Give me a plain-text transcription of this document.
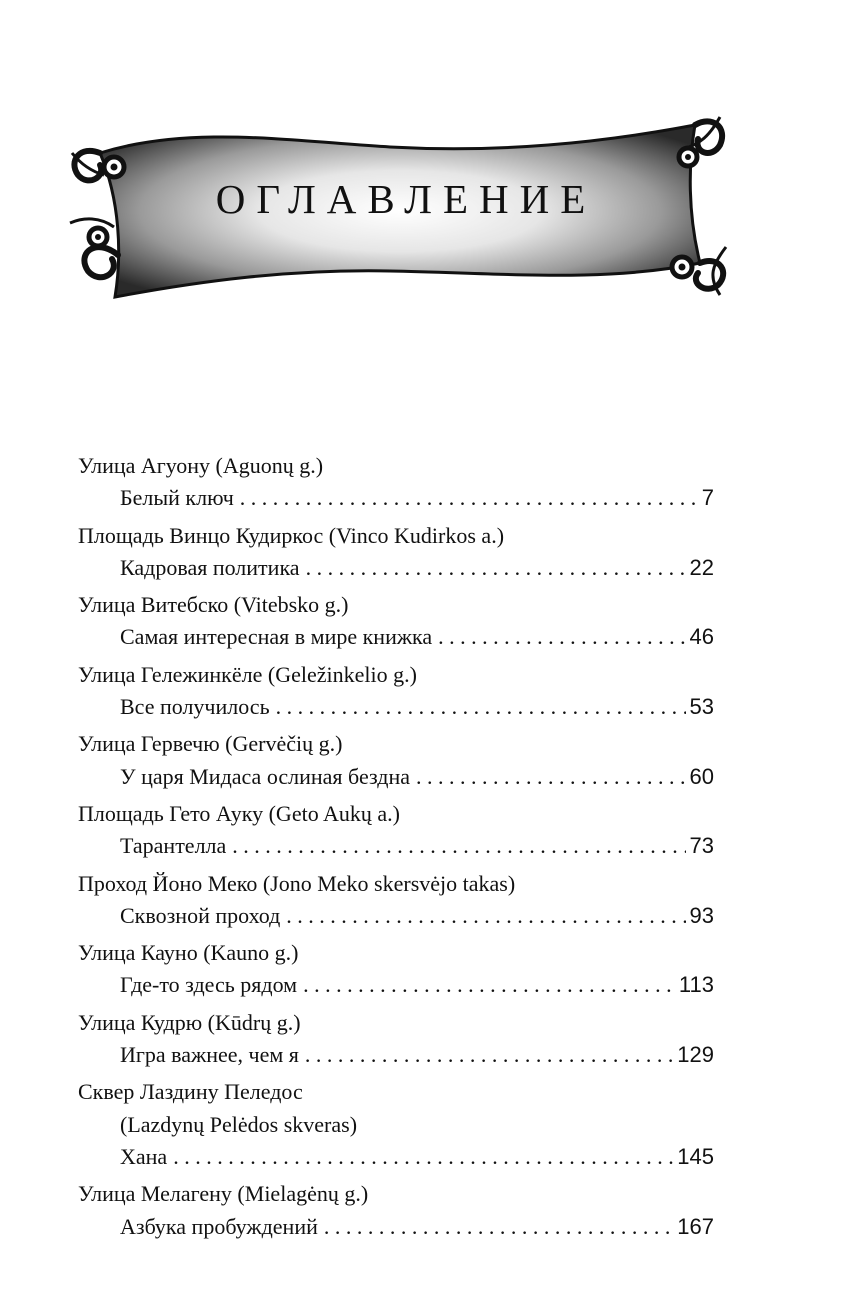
ОГЛАВЛЕНИЕ
Улица Агуону (Aguonų g.)
Белый ключ . . .	7
Площадь Винцо Кудиркос (Vinco Kudirkos a.)
Кадровая политика . . .	22
Улица Витебско (Vitebsko g.)
Самая интересная в мире книжка . . .	46
Улица Гележинкёле (Geležinkelio g.)
Все получилось . . .	53
Улица Гервечю (Gervėčių g.)
У царя Мидаса ослиная бездна . . .	60
Площадь Гето Ауку (Geto Aukų a.)
Тарантелла . . .	73
Проход Йоно Меко (Jono Meko skersvėjo takas)
Сквозной проход . . .	93
Улица Кауно (Kauno g.)
Где-то здесь рядом . . .	113
Улица Кудрю (Kūdrų g.)
Игра важнее, чем я . . .	129
Сквер Лаздину Пеледос
(Lazdynų Pelėdos skveras)
Хана . . .	145
Улица Мелагену (Mielagėnų g.)
Азбука пробуждений . . .	167
